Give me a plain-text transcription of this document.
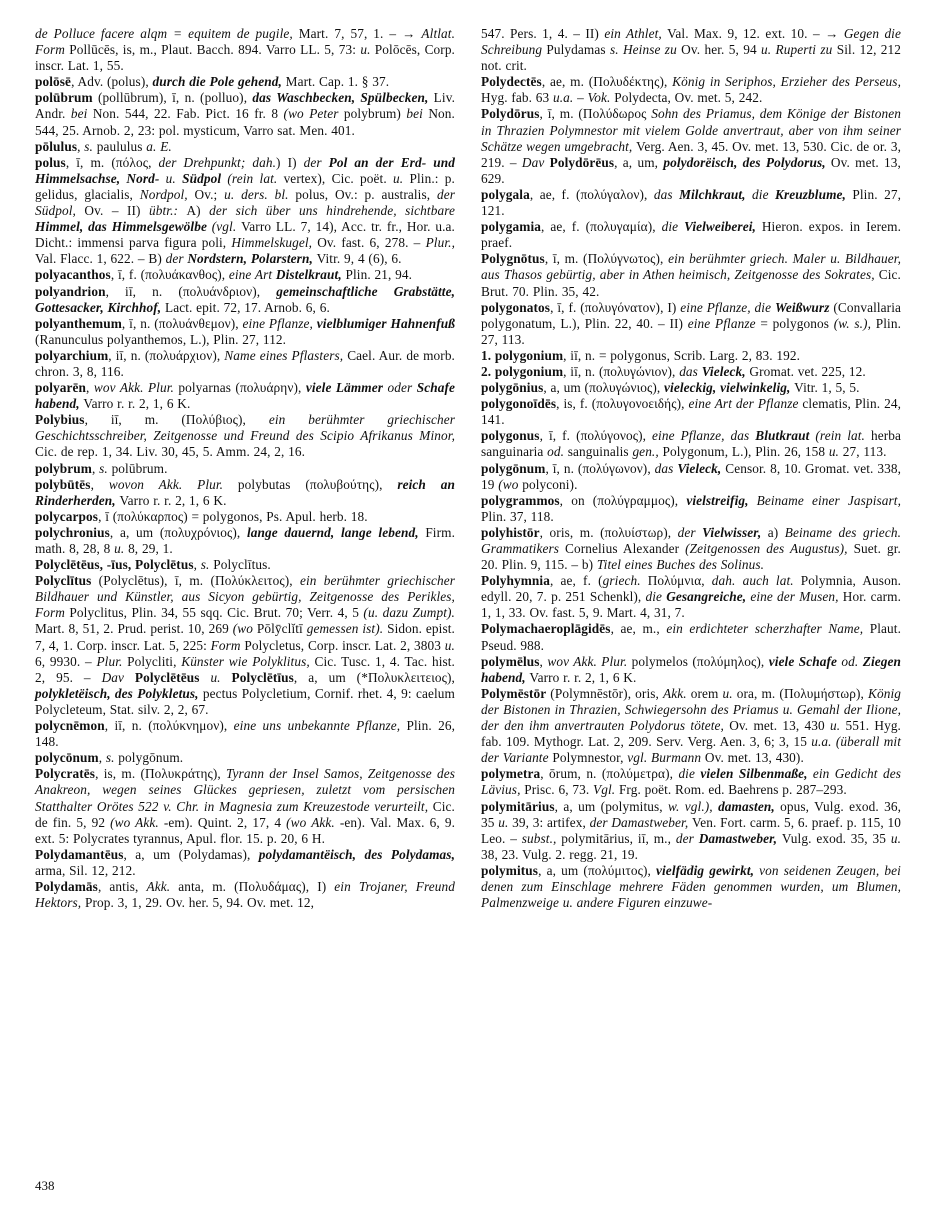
de Polluce facere alqm = equitem de pugile, Mart. 7, 57, 1. – → Altlat. Form Pollūcēs, is, m., Plaut. Bacch. 894. Varro LL. 5, 73: u. Polōcēs, Corp. inscr. Lat. 1, 55.

polōsē, Adv. (polus), durch die Pole gehend, Mart. Cap. 1. § 37.

polūbrum (pollūbrum), ī, n. (polluo), das Waschbecken, Spülbecken, Liv. Andr. bei Non. 544, 22. Fab. Pict. 16 fr. 8 (wo Peter polybrum) bei Non. 544, 25. Arnob. 2, 23: pol. mysticum, Varro sat. Men. 401.

pōlulus, s. paululus a. E.

polus, ī, m. (πόλος, der Drehpunkt; dah.) I) der Pol an der Erd- und Himmelsachse, Nord- u. Südpol (rein lat. vertex), Cic. poët. u. Plin.: p. gelidus, glacialis, Nordpol, Ov.; u. ders. bl. polus, Ov.: p. australis, der Südpol, Ov. – II) übtr.: A) der sich über uns hindrehende, sichtbare Himmel, das Himmelsgewölbe (vgl. Varro LL. 7, 14), Acc. tr. fr., Hor. u.a. Dicht.: immensi parva figura poli, Himmelskugel, Ov. fast. 6, 278. – Plur., Val. Flacc. 1, 622. – B) der Nordstern, Polarstern, Vitr. 9, 4 (6), 6.

polyacanthos, ī, f. (πολυάκανθος), eine Art Distelkraut, Plin. 21, 94.

polyandrion, iī, n. (πολυάνδριον), gemeinschaftliche Grabstätte, Gottesacker, Kirchhof, Lact. epit. 72, 17. Arnob. 6, 6.

polyanthemum, ī, n. (πολυάνθεμον), eine Pflanze, vielblumiger Hahnenfuß (Ranunculus polyanthemos, L.), Plin. 27, 112.

polyarchium, iī, n. (πολυάρχιον), Name eines Pflasters, Cael. Aur. de morb. chron. 3, 8, 116.

polyarēn, wov Akk. Plur. polyarnas (πολυάρην), viele Lämmer oder Schafe habend, Varro r. r. 2, 1, 6 K.

Polybius, iī, m. (Πολύβιος), ein berühmter griechischer Geschichtsschreiber, Zeitgenosse und Freund des Scipio Afrikanus Minor, Cic. de rep. 1, 34. Liv. 30, 45, 5. Amm. 24, 2, 16.

polybrum, s. polūbrum.

polybūtēs, wovon Akk. Plur. polybutas (πολυβούτης), reich an Rinderherden, Varro r. r. 2, 1, 6 K.

polycarpos, ī (πολύκαρπος) = polygonos, Ps. Apul. herb. 18.

polychronius, a, um (πολυχρόνιος), lange dauernd, lange lebend, Firm. math. 8, 28, 8 u. 8, 29, 1.

Polyclētēus, -īus, Polyclētus, s. Polyclītus.

Polyclītus (Polyclētus), ī, m. (Πολύκλειτος), ein berühmter griechischer Bildhauer und Künstler, aus Sicyon gebürtig, Zeitgenosse des Perikles, Form Polyclitus, Plin. 34, 55 sqq. Cic. Brut. 70; Verr. 4, 5 (u. dazu Zumpt). Mart. 8, 51, 2. Prud. perist. 10, 269 (wo Pōlȳclĭtī gemessen ist). Sidon. epist. 7, 4, 1. Corp. inscr. Lat. 5, 225: Form Polycletus, Corp. inscr. Lat. 2, 3803 u. 6, 9930. – Plur. Polycliti, Künster wie Polyklitus, Cic. Tusc. 1, 4. Tac. hist. 2, 95. – Dav Polyclētēus u. Polyclētīus, a, um (*Πολυκλειτειος), polykletëisch, des Polykletus, pectus Polycletium, Cornif. rhet. 4, 9: caelum Polycleteum, Stat. silv. 2, 2, 67.

polycnēmon, iī, n. (πολύκνημον), eine uns unbekannte Pflanze, Plin. 26, 148.

polycōnum, s. polygōnum.

Polycratēs, is, m. (Πολυκράτης), Tyrann der Insel Samos, Zeitgenosse des Anakreon, wegen seines Glückes gepriesen, zuletzt vom persischen Statthalter Orötes 522 v. Chr. in Magnesia zum Kreuzestode verurteilt, Cic. de fin. 5, 92 (wo Akk. -em). Quint. 2, 17, 4 (wo Akk. -en). Val. Max. 6, 9. ext. 5: Polycrates tyrannus, Apul. flor. 15. p. 20, 6 H.

Polydamantēus, a, um (Polydamas), polydamantëisch, des Polydamas, arma, Sil. 12, 212.

Polydamās, antis, Akk. anta, m. (Πολυδάμας), I) ein Trojaner, Freund Hektors, Prop. 3, 1, 29. Ov. her. 5, 94. Ov. met. 12,

547. Pers. 1, 4. – II) ein Athlet, Val. Max. 9, 12. ext. 10. – → Gegen die Schreibung Pulydamas s. Heinse zu Ov. her. 5, 94 u. Ruperti zu Sil. 12, 212 not. crit.

Polydectēs, ae, m. (Πολυδέκτης), König in Seriphos, Erzieher des Perseus, Hyg. fab. 63 u.a. – Vok. Polydecta, Ov. met. 5, 242.

Polydōrus, ī, m. (Πολύδωρος Sohn des Priamus, dem Könige der Bistonen in Thrazien Polymnestor mit vielem Golde anvertraut, aber von ihm seiner Schätze wegen umgebracht, Verg. Aen. 3, 45. Ov. met. 13, 530. Cic. de or. 3, 219. – Dav Polydōrēus, a, um, polydorëisch, des Polydorus, Ov. met. 13, 629.

polygala, ae, f. (πολύγαλον), das Milchkraut, die Kreuzblume, Plin. 27, 121.

polygamia, ae, f. (πολυγαμία), die Vielweiberei, Hieron. expos. in Ierem. praef.

Polygnōtus, ī, m. (Πολύγνωτος), ein berühmter griech. Maler u. Bildhauer, aus Thasos gebürtig, aber in Athen heimisch, Zeitgenosse des Sokrates, Cic. Brut. 70. Plin. 35, 42.

polygonatos, ī, f. (πολυγόνατον), I) eine Pflanze, die Weißwurz (Convallaria polygonatum, L.), Plin. 22, 40. – II) eine Pflanze = polygonos (w. s.), Plin. 27, 113.

1. polygonium, iī, n. = polygonus, Scrib. Larg. 2, 83. 192.

2. polygonium, iī, n. (πολυγώνιον), das Vieleck, Gromat. vet. 225, 12.

polygōnius, a, um (πολυγώνιος), vieleckig, vielwinkelig, Vitr. 1, 5, 5.

polygonoīdēs, is, f. (πολυγονοειδής), eine Art der Pflanze clematis, Plin. 24, 141.

polygonus, ī, f. (πολύγονος), eine Pflanze, das Blutkraut (rein lat. herba sanguinaria od. sanguinalis gen., Polygonum, L.), Plin. 26, 158 u. 27, 113.

polygōnum, ī, n. (πολύγωνον), das Vieleck, Censor. 8, 10. Gromat. vet. 338, 19 (wo polyconi).

polygrammos, on (πολύγραμμος), vielstreifig, Beiname einer Jaspisart, Plin. 37, 118.

polyhistōr, oris, m. (πολυίστωρ), der Vielwisser, a) Beiname des griech. Grammatikers Cornelius Alexander (Zeitgenossen des Augustus), Suet. gr. 20. Plin. 9, 115. – b) Titel eines Buches des Solinus.

Polyhymnia, ae, f. (griech. Πολύμνια, dah. auch lat. Polymnia, Auson. edyll. 20, 7. p. 251 Schenkl), die Gesangreiche, eine der Musen, Hor. carm. 1, 1, 33. Ov. fast. 5, 9. Mart. 4, 31, 7.

Polymachaeroplāgidēs, ae, m., ein erdichteter scherzhafter Name, Plaut. Pseud. 988.

polymēlus, wov Akk. Plur. polymelos (πολύμηλος), viele Schafe od. Ziegen habend, Varro r. r. 2, 1, 6 K.

Polymēstōr (Polymnēstōr), oris, Akk. orem u. ora, m. (Πολυμήστωρ), König der Bistonen in Thrazien, Schwiegersohn des Priamus u. Gemahl der Ilione, der den ihm anvertrauten Polydorus tötete, Ov. met. 13, 430 u. 551. Hyg. fab. 109. Mythogr. Lat. 2, 209. Serv. Verg. Aen. 3, 6; 3, 15 u.a. (überall mit der Variante Polymnestor, vgl. Burmann Ov. met. 13, 430).

polymetra, ōrum, n. (πολύμετρα), die vielen Silbenmaße, ein Gedicht des Lävius, Prisc. 6, 73. Vgl. Frg. poët. Rom. ed. Baehrens p. 287–293.

polymitārius, a, um (polymitus, w. vgl.), damasten, opus, Vulg. exod. 36, 35 u. 39, 3: artifex, der Damastweber, Ven. Fort. carm. 5, 6. praef. p. 115, 10 Leo. – subst., polymitārius, iī, m., der Damastweber, Vulg. exod. 35, 35 u. 38, 23. Vulg. 2. regg. 21, 19.

polymitus, a, um (πολύμιτος), vielfädig gewirkt, von seidenen Zeugen, bei denen zum Einschlage mehrere Fäden genommen wurden, um Blumen, Palmenzweige u. andere Figuren einzuwe-

438
